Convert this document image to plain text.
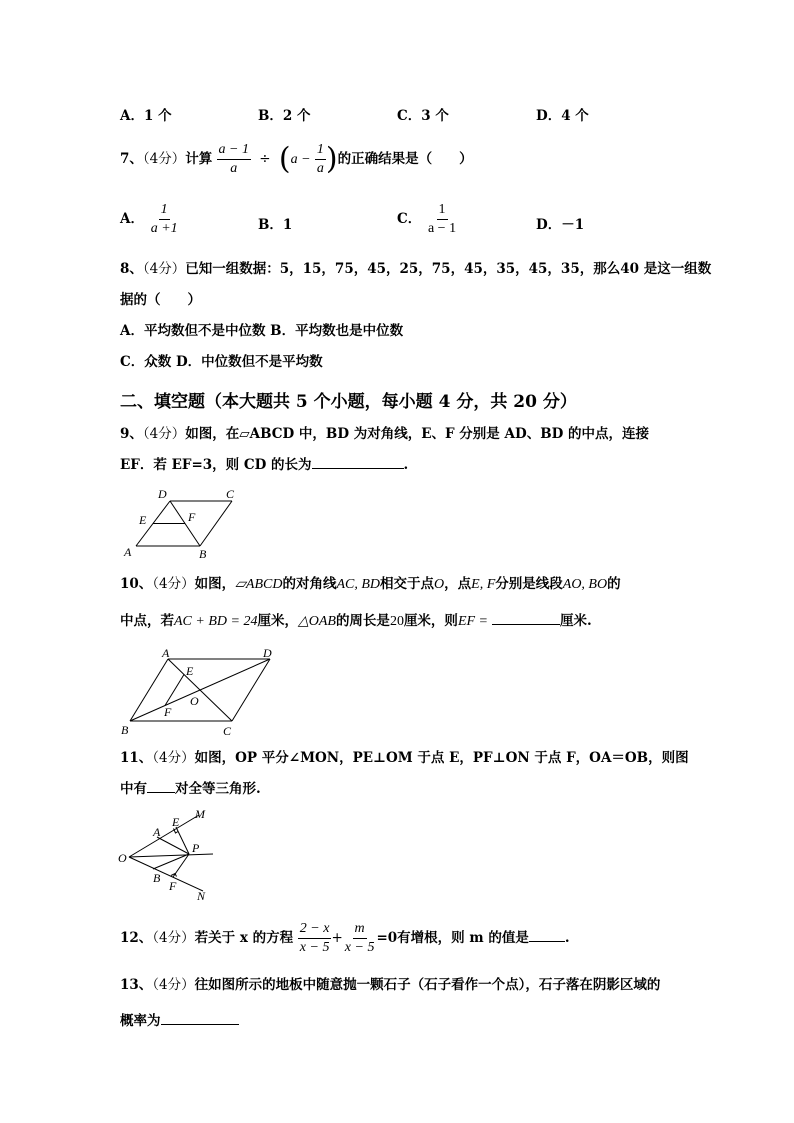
A．1 个	B．2 个	C．3 个	D．4 个
7、（4分）计算 $\frac{a - 1}{a} \div (a - \frac{1}{a}$ )的正确结果是（　　）
A． $\frac{1}{a +1}$	B．1	C． $\frac{1}{a - 1}$	D．－1
8、（4分）已知一组数据：5，15，75，45，25，75，45，35，45，35，那么40 是这一组数
据的（　　）
A．平均数但不是中位数 B．平均数也是中位数
C．众数 D．中位数但不是平均数
二、填空题（本大题共 5 个小题，每小题 4 分，共 20 分）
9、（4分）如图，在▱ABCD 中，BD 为对角线，E、F 分别是 AD、BD 的中点，连接
EF．若 EF=3，则 CD 的长为	.
D	C
E	F
A	B
10、（4分）如图，▱ABCD的对角线AC, BD相交于点O，点E, F分别是线段AO, BO的
中点，若AC + BD = 24厘米，△OAB的周长是20厘米，则EF =	厘米.
A	D
E
O
F
B	C
11、（4分）如图，OP 平分∠MON，PE⊥OM 于点 E，PF⊥ON 于点 F，OA＝OB，则图
中有 对全等三角形.
O
A
E
M
P
B
F
N
12、（4分）若关于 x 的方程 $\frac{2 - x}{x - 5} + \frac{m}{x - 5} =0$有增根，则 m 的值是	.
13、（4分）往如图所示的地板中随意抛一颗石子（石子看作一个点），石子落在阴影区域的
概率为
